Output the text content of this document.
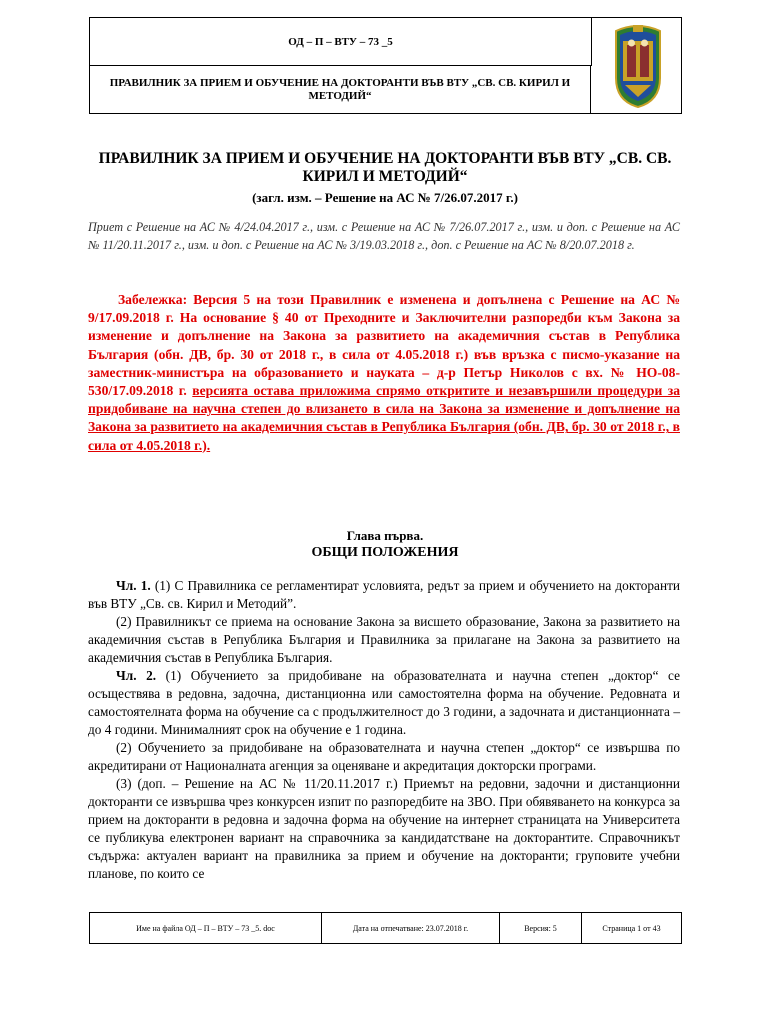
ОД – П – ВТУ – 73 _5
ПРАВИЛНИК ЗА ПРИЕМ И ОБУЧЕНИЕ НА ДОКТОРАНТИ ВЪВ ВТУ „СВ. СВ. КИРИЛ И МЕТОДИЙ“
ПРАВИЛНИК ЗА ПРИЕМ И ОБУЧЕНИЕ НА ДОКТОРАНТИ ВЪВ ВТУ „СВ. СВ. КИРИЛ И МЕТОДИЙ“
(загл. изм. – Решение на АС № 7/26.07.2017 г.)
Приет с Решение на АС № 4/24.04.2017 г., изм. с Решение на АС № 7/26.07.2017 г., изм. и доп. с Решение на АС № 11/20.11.2017 г., изм. и доп. с Решение на АС № 3/19.03.2018 г., доп. с Решение на АС № 8/20.07.2018 г.
Забележка: Версия 5 на този Правилник е изменена и допълнена с Решение на АС № 9/17.09.2018 г. На основание § 40 от Преходните и Заключителни разпоредби към Закона за изменение и допълнение на Закона за развитието на академичния състав в Република България (обн. ДВ, бр. 30 от 2018 г., в сила от 4.05.2018 г.) във връзка с писмо-указание на заместник-министъра на образованието и науката – д-р Петър Николов с вх. № НО-08-530/17.09.2018 г. версията остава приложима спрямо откритите и незавършили процедури за придобиване на научна степен до влизането в сила на Закона за изменение и допълнение на Закона за развитието на академичния състав в Република България (обн. ДВ, бр. 30 от 2018 г., в сила от 4.05.2018 г.).
Глава първа.
ОБЩИ ПОЛОЖЕНИЯ

Чл. 1. (1) С Правилника се регламентират условията, редът за прием и обучението на докторанти във ВТУ „Св. св. Кирил и Методий”.

(2) Правилникът се приема на основание Закона за висшето образование, Закона за развитието на академичния състав в Република България и Правилника за прилагане на Закона за развитието на академичния състав в Република България.

Чл. 2. (1) Обучението за придобиване на образователната и научна степен „доктор“ се осъществява в редовна, задочна, дистанционна или самостоятелна форма на обучение. Редовната и самостоятелната форма на обучение са с продължителност до 3 години, а задочната и дистанционната – до 4 години. Минималният срок на обучение е 1 година.

(2) Обучението за придобиване на образователната и научна степен „доктор“ се извършва по акредитирани от Националната агенция за оценяване и акредитация докторски програми.

(3) (доп. – Решение на АС № 11/20.11.2017 г.) Приемът на редовни, задочни и дистанционни докторанти се извършва чрез конкурсен изпит по разпоредбите на ЗВО. При обявяването на конкурса за прием на докторанти в редовна и задочна форма на обучение на интернет страницата на Университета се публикува електронен вариант на справочника за кандидатстване на докторантите. Справочникът съдържа: актуален вариант на правилника за прием и обучение на докторанти; груповите учебни планове, по които се

Име на файла ОД – П – ВТУ – 73 _5. doc	Дата на отпечатване: 23.07.2018 г.	Версия: 5	Страница 1 от 43
